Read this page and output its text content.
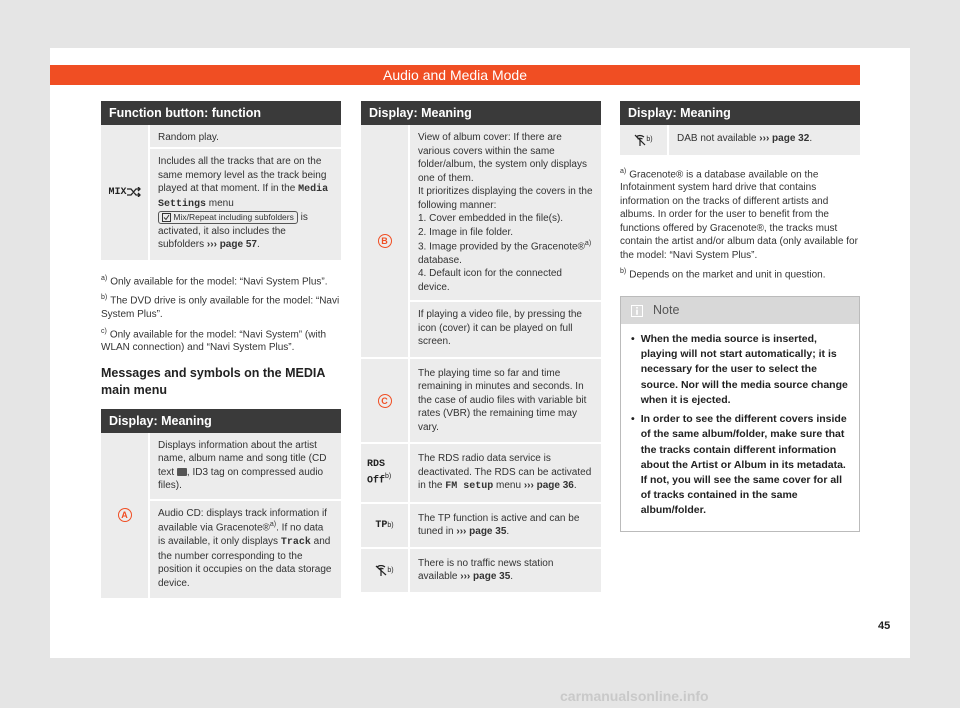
Audio and Media Mode
Function button: function
MIX
Random play.
Includes all the tracks that are on the same memory level as the track being played at that moment. If in the Media Settings menu  Mix/Repeat including subfolders is activated, it also includes the subfolders ››› page 57.

$^{a)}$ Only available for the model: “Navi System Plus”.

$^{b)}$ The DVD drive is only available for the model: “Navi System Plus”.

$^{c)}$ Only available for the model: “Navi System” (with WLAN connection) and “Navi System Plus”.

Messages and symbols on the MEDIA main menu
Display: Meaning
A
Displays information about the artist name, album name and song title (CD text , ID3 tag on compressed audio files).
Audio CD: displays track information if available via Gracenote®$^{a)}$. If no data is available, it only displays Track and the number corresponding to the position it occupies on the data storage device.
Display: Meaning
B
View of album cover: If there are various covers within the same folder/album, the system only displays one of them.
It prioritizes displaying the covers in the following manner:
1. Cover embedded in the file(s).
2. Image in file folder.
3. Image provided by the Gracenote®$^{a)}$
database.
4. Default icon for the connected device.
If playing a video file, by pressing the icon (cover) it can be played on full screen.
C
The playing time so far and time remaining in minutes and seconds. In the case of audio files with variable bit rates (VBR) the remaining time may vary.
RDS
Off$^{b)}$
The RDS radio data service is deactivated. The RDS can be activated in the FM setup menu ››› page 36.
TP b)
The TP function is active and can be tuned in ››› page 35.
b)
There is no traffic news station available ››› page 35.
Display: Meaning
b)	DAB not available ››› page 32.

$^{a)}$ Gracenote® is a database available on the Infotainment system hard drive that contains information on the tracks of different artists and albums. In order for the user to benefit from the functions offered by Gracenote®, the tracks must contain the artist and/or album data (only available for the model: “Navi System Plus”.

$^{b)}$ Depends on the market and unit in question.

Note
• When the media source is inserted, playing will not start automatically; it is necessary for the user to select the source. Nor will the media source change when it is ejected.
• In order to see the different covers inside of the same album/folder, make sure that the tracks contain different information about the Artist or Album in its metadata. If not, you will see the same cover for all of tracks contained in the same album/folder.
45
carmanualsonline.info
